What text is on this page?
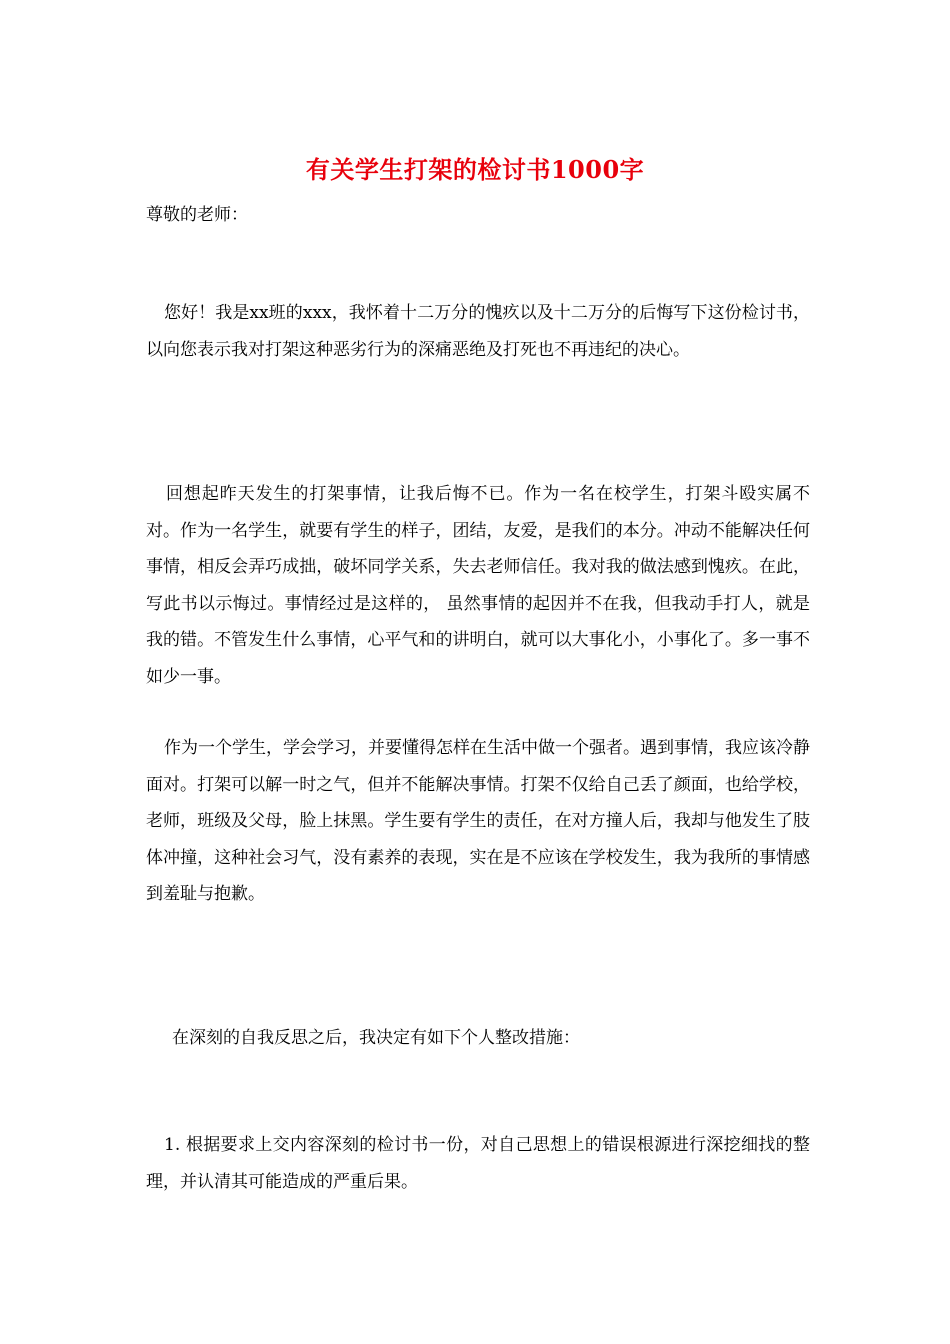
有关学生打架的检讨书1000字
尊敬的老师：

您好！我是xx班的xxx，我怀着十二万分的愧疚以及十二万分的后悔写下这份检讨书，以向您表示我对打架这种恶劣行为的深痛恶绝及打死也不再违纪的决心。

回想起昨天发生的打架事情，让我后悔不已。作为一名在校学生，打架斗殴实属不对。作为一名学生，就要有学生的样子，团结，友爱，是我们的本分。冲动不能解决任何事情，相反会弄巧成拙，破坏同学关系，失去老师信任。我对我的做法感到愧疚。在此，写此书以示悔过。事情经过是这样的， 虽然事情的起因并不在我，但我动手打人，就是我的错。不管发生什么事情，心平气和的讲明白，就可以大事化小，小事化了。多一事不如少一事。

作为一个学生，学会学习，并要懂得怎样在生活中做一个强者。遇到事情，我应该冷静面对。打架可以解一时之气，但并不能解决事情。打架不仅给自己丢了颜面，也给学校，老师，班级及父母，脸上抹黑。学生要有学生的责任，在对方撞人后，我却与他发生了肢体冲撞，这种社会习气，没有素养的表现，实在是不应该在学校发生，我为我所的事情感到羞耻与抱歉。

在深刻的自我反思之后，我决定有如下个人整改措施：

1. 根据要求上交内容深刻的检讨书一份，对自己思想上的错误根源进行深挖细找的整理，并认清其可能造成的严重后果。
